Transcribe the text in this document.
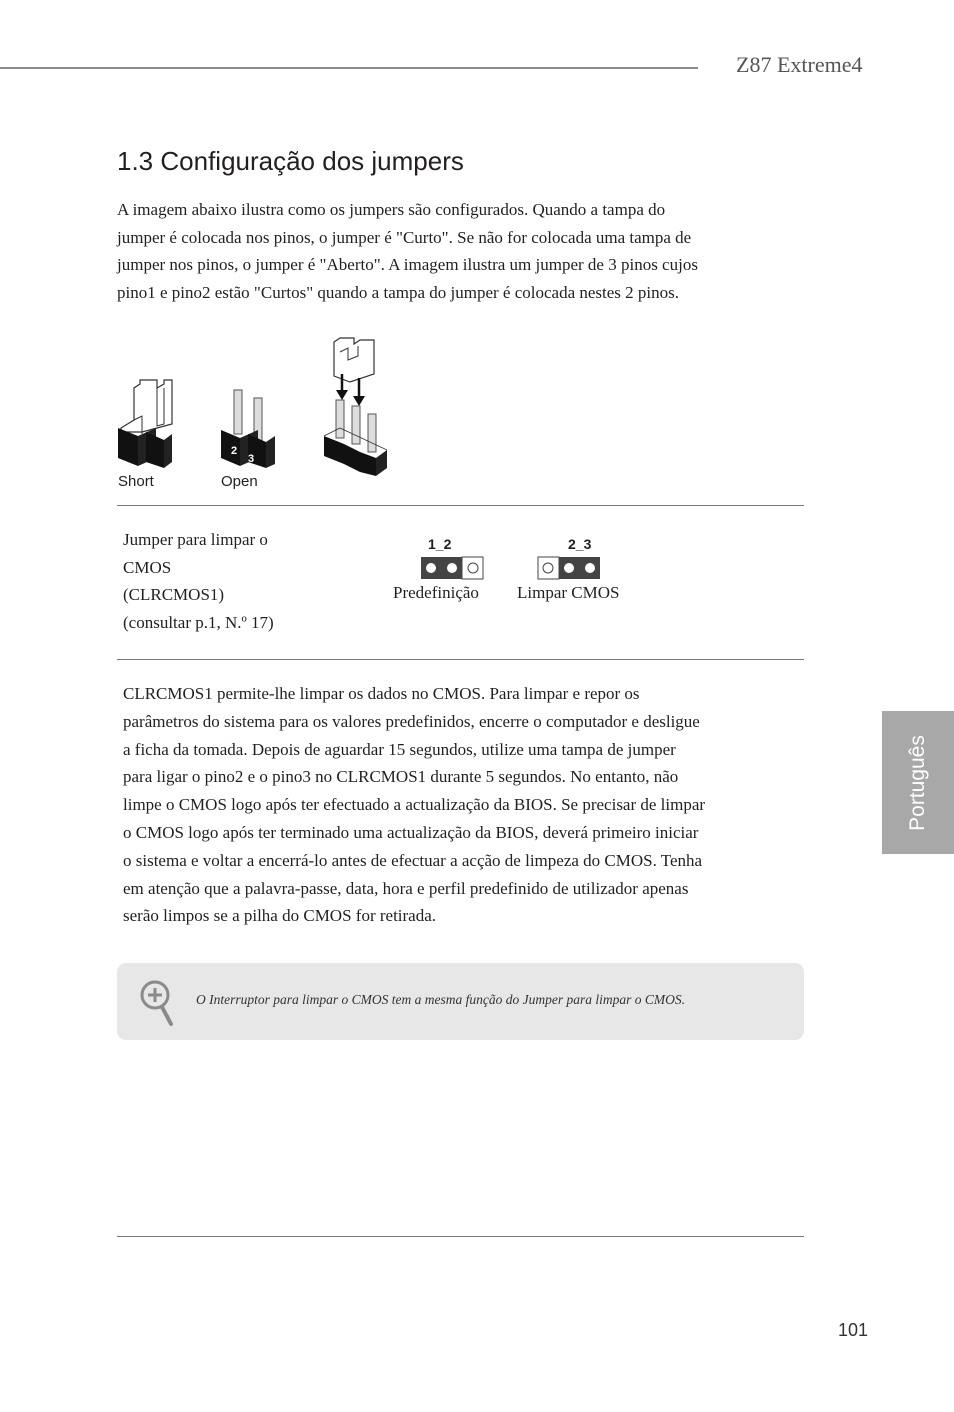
Z87 Extreme4
1.3 Configuração dos jumpers
A imagem abaixo ilustra como os jumpers são configurados. Quando a tampa do
jumper é colocada nos pinos, o jumper é "Curto". Se não for colocada uma tampa de
jumper nos pinos, o jumper é "Aberto". A imagem ilustra um jumper de 3 pinos cujos
pino1 e pino2 estão "Curtos" quando a tampa do jumper é colocada nestes 2 pinos.
1
2
3
Short	Open
Jumper para limpar o
CMOS
(CLRCMOS1)
(consultar p.1, N.º 17)
1_2
Predefinição
2_3
Limpar CMOS
CLRCMOS1 permite-lhe limpar os dados no CMOS. Para limpar e repor os
parâmetros do sistema para os valores predefinidos, encerre o computador e desligue
a ficha da tomada. Depois de aguardar 15 segundos, utilize uma tampa de jumper
para ligar o pino2 e o pino3 no CLRCMOS1 durante 5 segundos. No entanto, não
limpe o CMOS logo após ter efectuado a actualização da BIOS. Se precisar de limpar
o CMOS logo após ter terminado uma actualização da BIOS, deverá primeiro iniciar
o sistema e voltar a encerrá-lo antes de efectuar a acção de limpeza do CMOS. Tenha
em atenção que a palavra-passe, data, hora e perfil predefinido de utilizador apenas
serão limpos se a pilha do CMOS for retirada.
O Interruptor para limpar o CMOS tem a mesma função do Jumper para limpar o CMOS.
Português
101
